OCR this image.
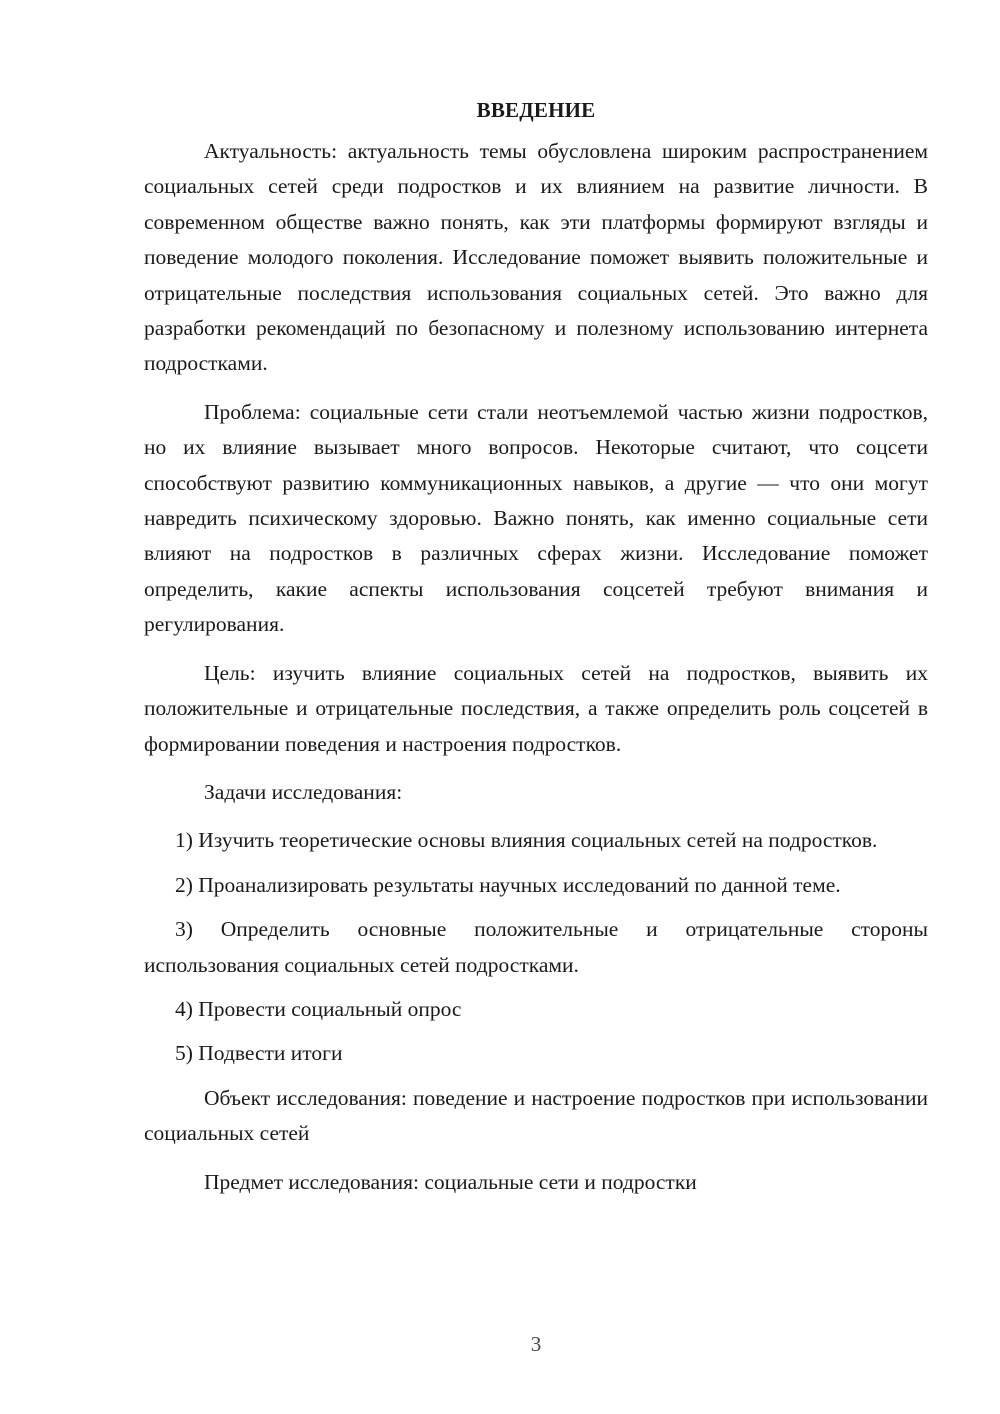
ВВЕДЕНИЕ

Актуальность: актуальность темы обусловлена широким распространением социальных сетей среди подростков и их влиянием на развитие личности. В современном обществе важно понять, как эти платформы формируют взгляды и поведение молодого поколения. Исследование поможет выявить положительные и отрицательные последствия использования социальных сетей. Это важно для разработки рекомендаций по безопасному и полезному использованию интернета подростками.

Проблема: социальные сети стали неотъемлемой частью жизни подростков, но их влияние вызывает много вопросов. Некоторые считают, что соцсети способствуют развитию коммуникационных навыков, а другие — что они могут навредить психическому здоровью. Важно понять, как именно социальные сети влияют на подростков в различных сферах жизни. Исследование поможет определить, какие аспекты использования соцсетей требуют внимания и регулирования.

Цель: изучить влияние социальных сетей на подростков, выявить их положительные и отрицательные последствия, а также определить роль соцсетей в формировании поведения и настроения подростков.

Задачи исследования:

1) Изучить теоретические основы влияния социальных сетей на подростков.

2) Проанализировать результаты научных исследований по данной теме.

3) Определить основные положительные и отрицательные стороны использования социальных сетей подростками.

4) Провести социальный опрос

5) Подвести итоги

Объект исследования: поведение и настроение подростков при использовании социальных сетей

Предмет исследования: социальные сети и подростки

3
